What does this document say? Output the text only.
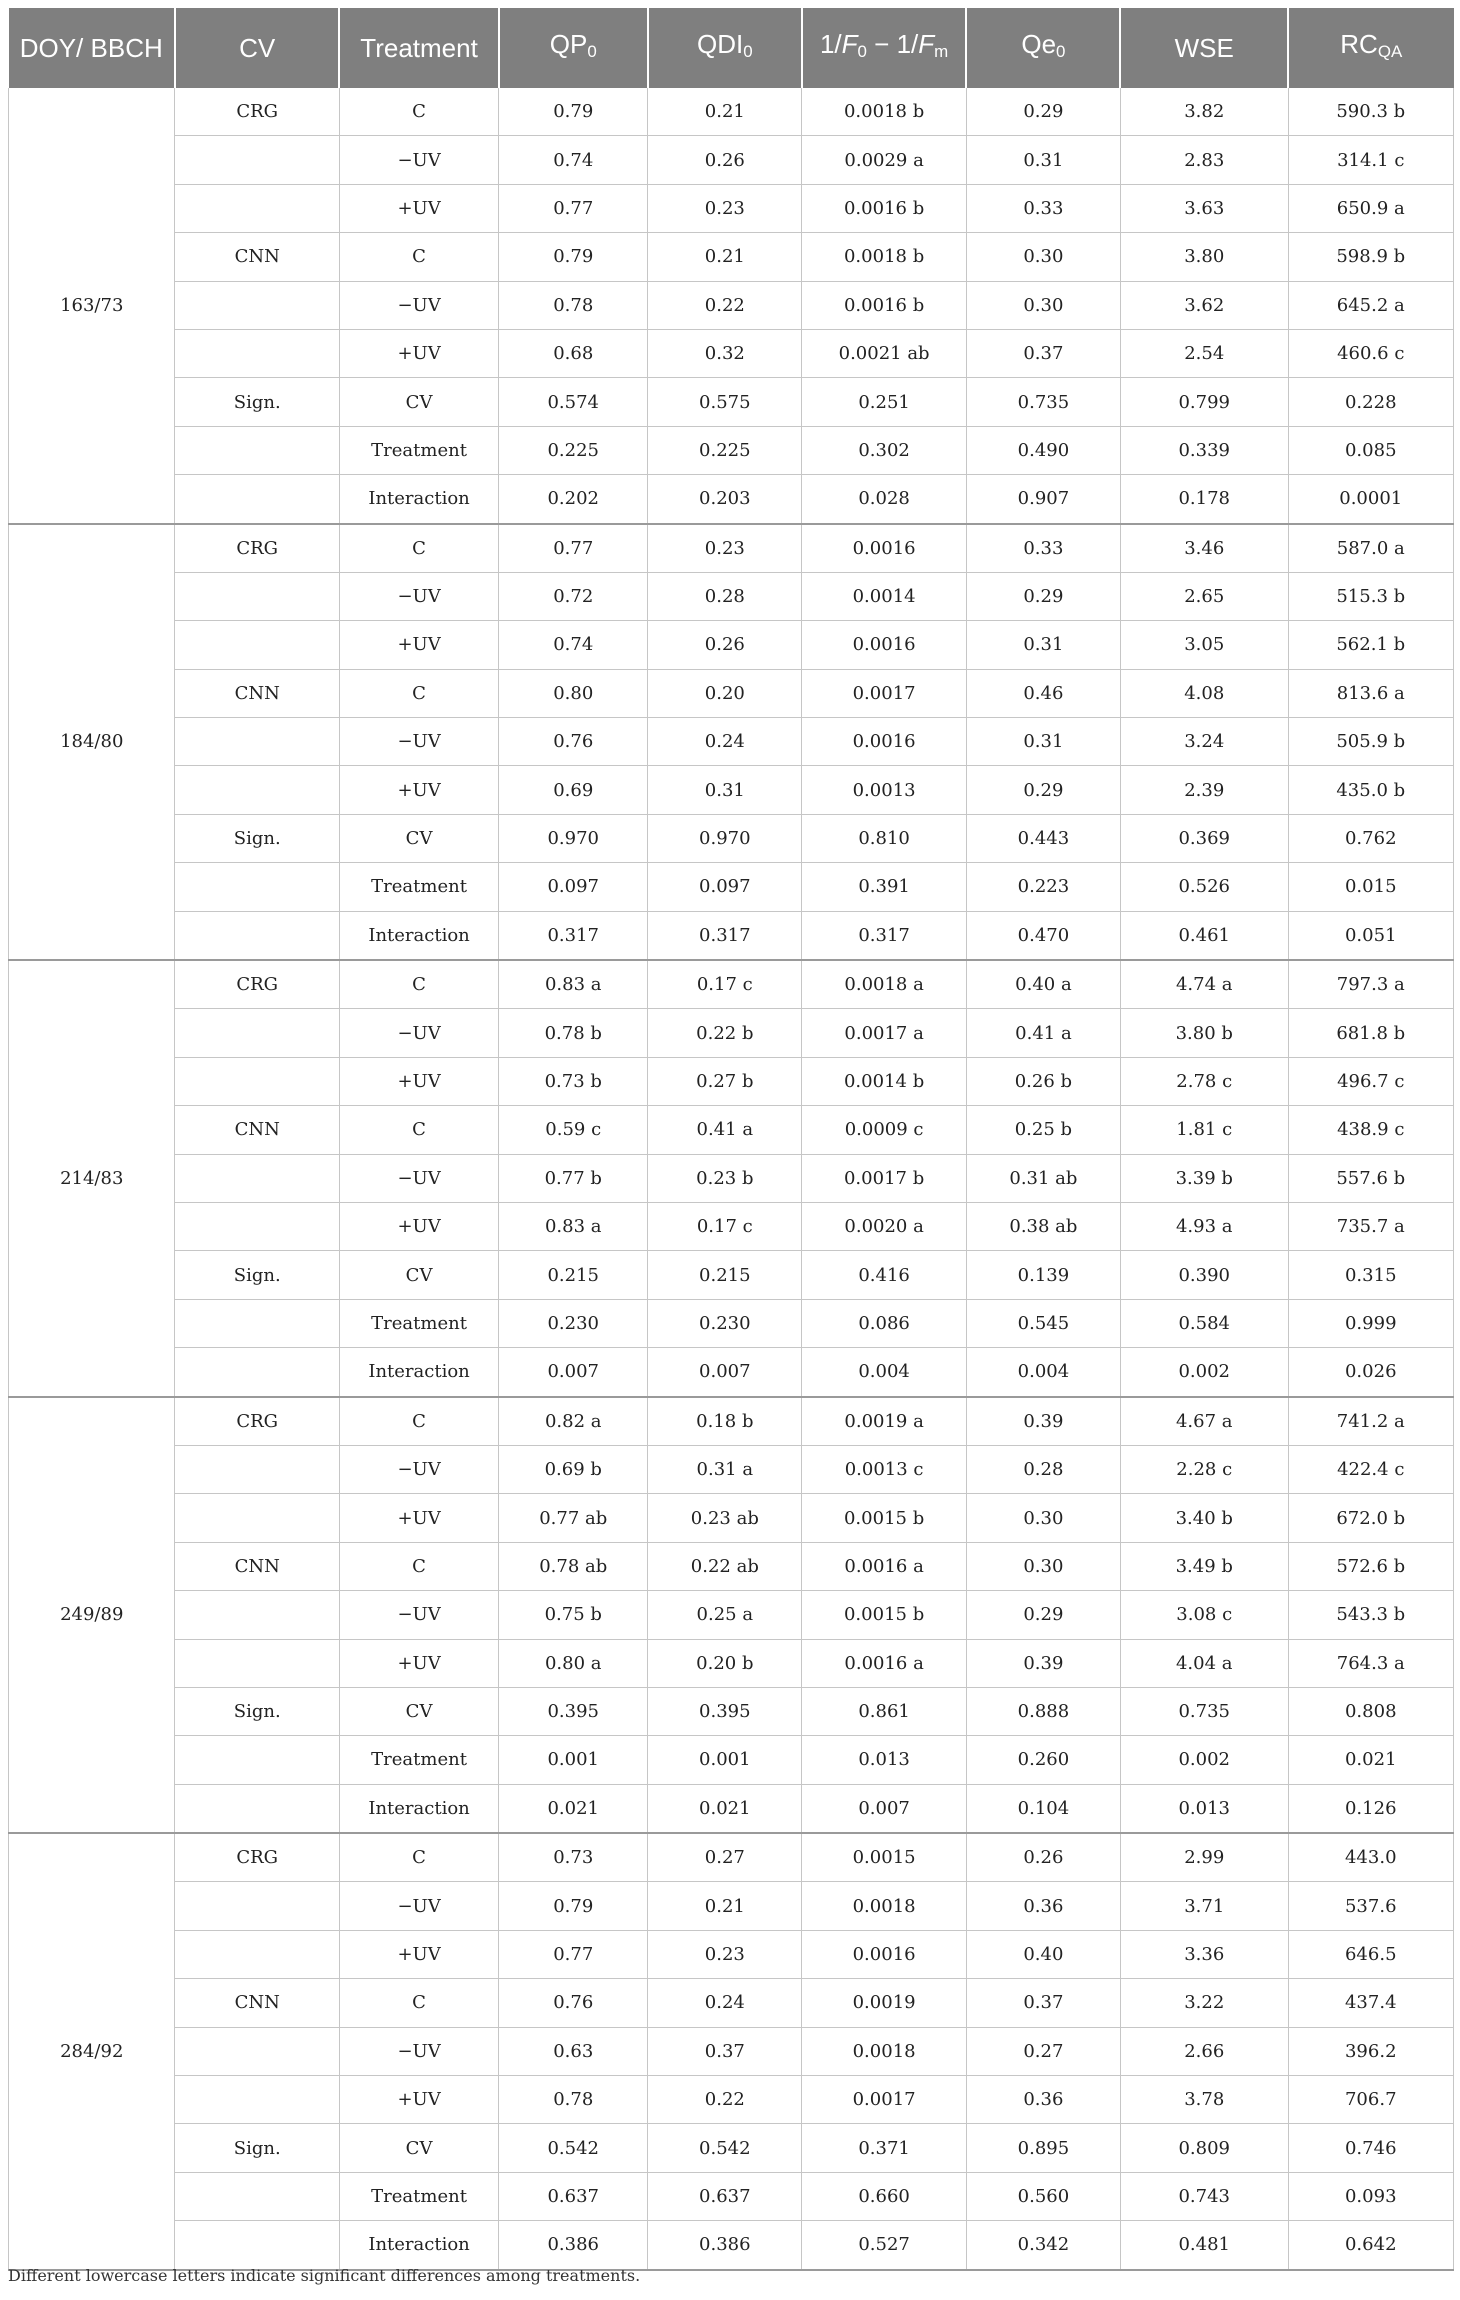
DOY/ BBCH	CV	Treatment	$QP_0$	$QDI_0$	$1/F_0 - 1/F_m$	$Qe_0$	WSE	$RC_{QA}$
163/73	CRG	C	0.79	0.21	0.0018 b	0.29	3.82	590.3 b
		−UV	0.74	0.26	0.0029 a	0.31	2.83	314.1 c
		+UV	0.77	0.23	0.0016 b	0.33	3.63	650.9 a
	CNN	C	0.79	0.21	0.0018 b	0.30	3.80	598.9 b
		−UV	0.78	0.22	0.0016 b	0.30	3.62	645.2 a
		+UV	0.68	0.32	0.0021 ab	0.37	2.54	460.6 c
	Sign.	CV	0.574	0.575	0.251	0.735	0.799	0.228
		Treatment	0.225	0.225	0.302	0.490	0.339	0.085
		Interaction	0.202	0.203	0.028	0.907	0.178	0.0001
184/80	CRG	C	0.77	0.23	0.0016	0.33	3.46	587.0 a
		−UV	0.72	0.28	0.0014	0.29	2.65	515.3 b
		+UV	0.74	0.26	0.0016	0.31	3.05	562.1 b
	CNN	C	0.80	0.20	0.0017	0.46	4.08	813.6 a
		−UV	0.76	0.24	0.0016	0.31	3.24	505.9 b
		+UV	0.69	0.31	0.0013	0.29	2.39	435.0 b
	Sign.	CV	0.970	0.970	0.810	0.443	0.369	0.762
		Treatment	0.097	0.097	0.391	0.223	0.526	0.015
		Interaction	0.317	0.317	0.317	0.470	0.461	0.051
214/83	CRG	C	0.83 a	0.17 c	0.0018 a	0.40 a	4.74 a	797.3 a
		−UV	0.78 b	0.22 b	0.0017 a	0.41 a	3.80 b	681.8 b
		+UV	0.73 b	0.27 b	0.0014 b	0.26 b	2.78 c	496.7 c
	CNN	C	0.59 c	0.41 a	0.0009 c	0.25 b	1.81 c	438.9 c
		−UV	0.77 b	0.23 b	0.0017 b	0.31 ab	3.39 b	557.6 b
		+UV	0.83 a	0.17 c	0.0020 a	0.38 ab	4.93 a	735.7 a
	Sign.	CV	0.215	0.215	0.416	0.139	0.390	0.315
		Treatment	0.230	0.230	0.086	0.545	0.584	0.999
		Interaction	0.007	0.007	0.004	0.004	0.002	0.026
249/89	CRG	C	0.82 a	0.18 b	0.0019 a	0.39	4.67 a	741.2 a
		−UV	0.69 b	0.31 a	0.0013 c	0.28	2.28 c	422.4 c
		+UV	0.77 ab	0.23 ab	0.0015 b	0.30	3.40 b	672.0 b
	CNN	C	0.78 ab	0.22 ab	0.0016 a	0.30	3.49 b	572.6 b
		−UV	0.75 b	0.25 a	0.0015 b	0.29	3.08 c	543.3 b
		+UV	0.80 a	0.20 b	0.0016 a	0.39	4.04 a	764.3 a
	Sign.	CV	0.395	0.395	0.861	0.888	0.735	0.808
		Treatment	0.001	0.001	0.013	0.260	0.002	0.021
		Interaction	0.021	0.021	0.007	0.104	0.013	0.126
284/92	CRG	C	0.73	0.27	0.0015	0.26	2.99	443.0
		−UV	0.79	0.21	0.0018	0.36	3.71	537.6
		+UV	0.77	0.23	0.0016	0.40	3.36	646.5
	CNN	C	0.76	0.24	0.0019	0.37	3.22	437.4
		−UV	0.63	0.37	0.0018	0.27	2.66	396.2
		+UV	0.78	0.22	0.0017	0.36	3.78	706.7
	Sign.	CV	0.542	0.542	0.371	0.895	0.809	0.746
		Treatment	0.637	0.637	0.660	0.560	0.743	0.093
		Interaction	0.386	0.386	0.527	0.342	0.481	0.642
Different lowercase letters indicate significant differences among treatments.
